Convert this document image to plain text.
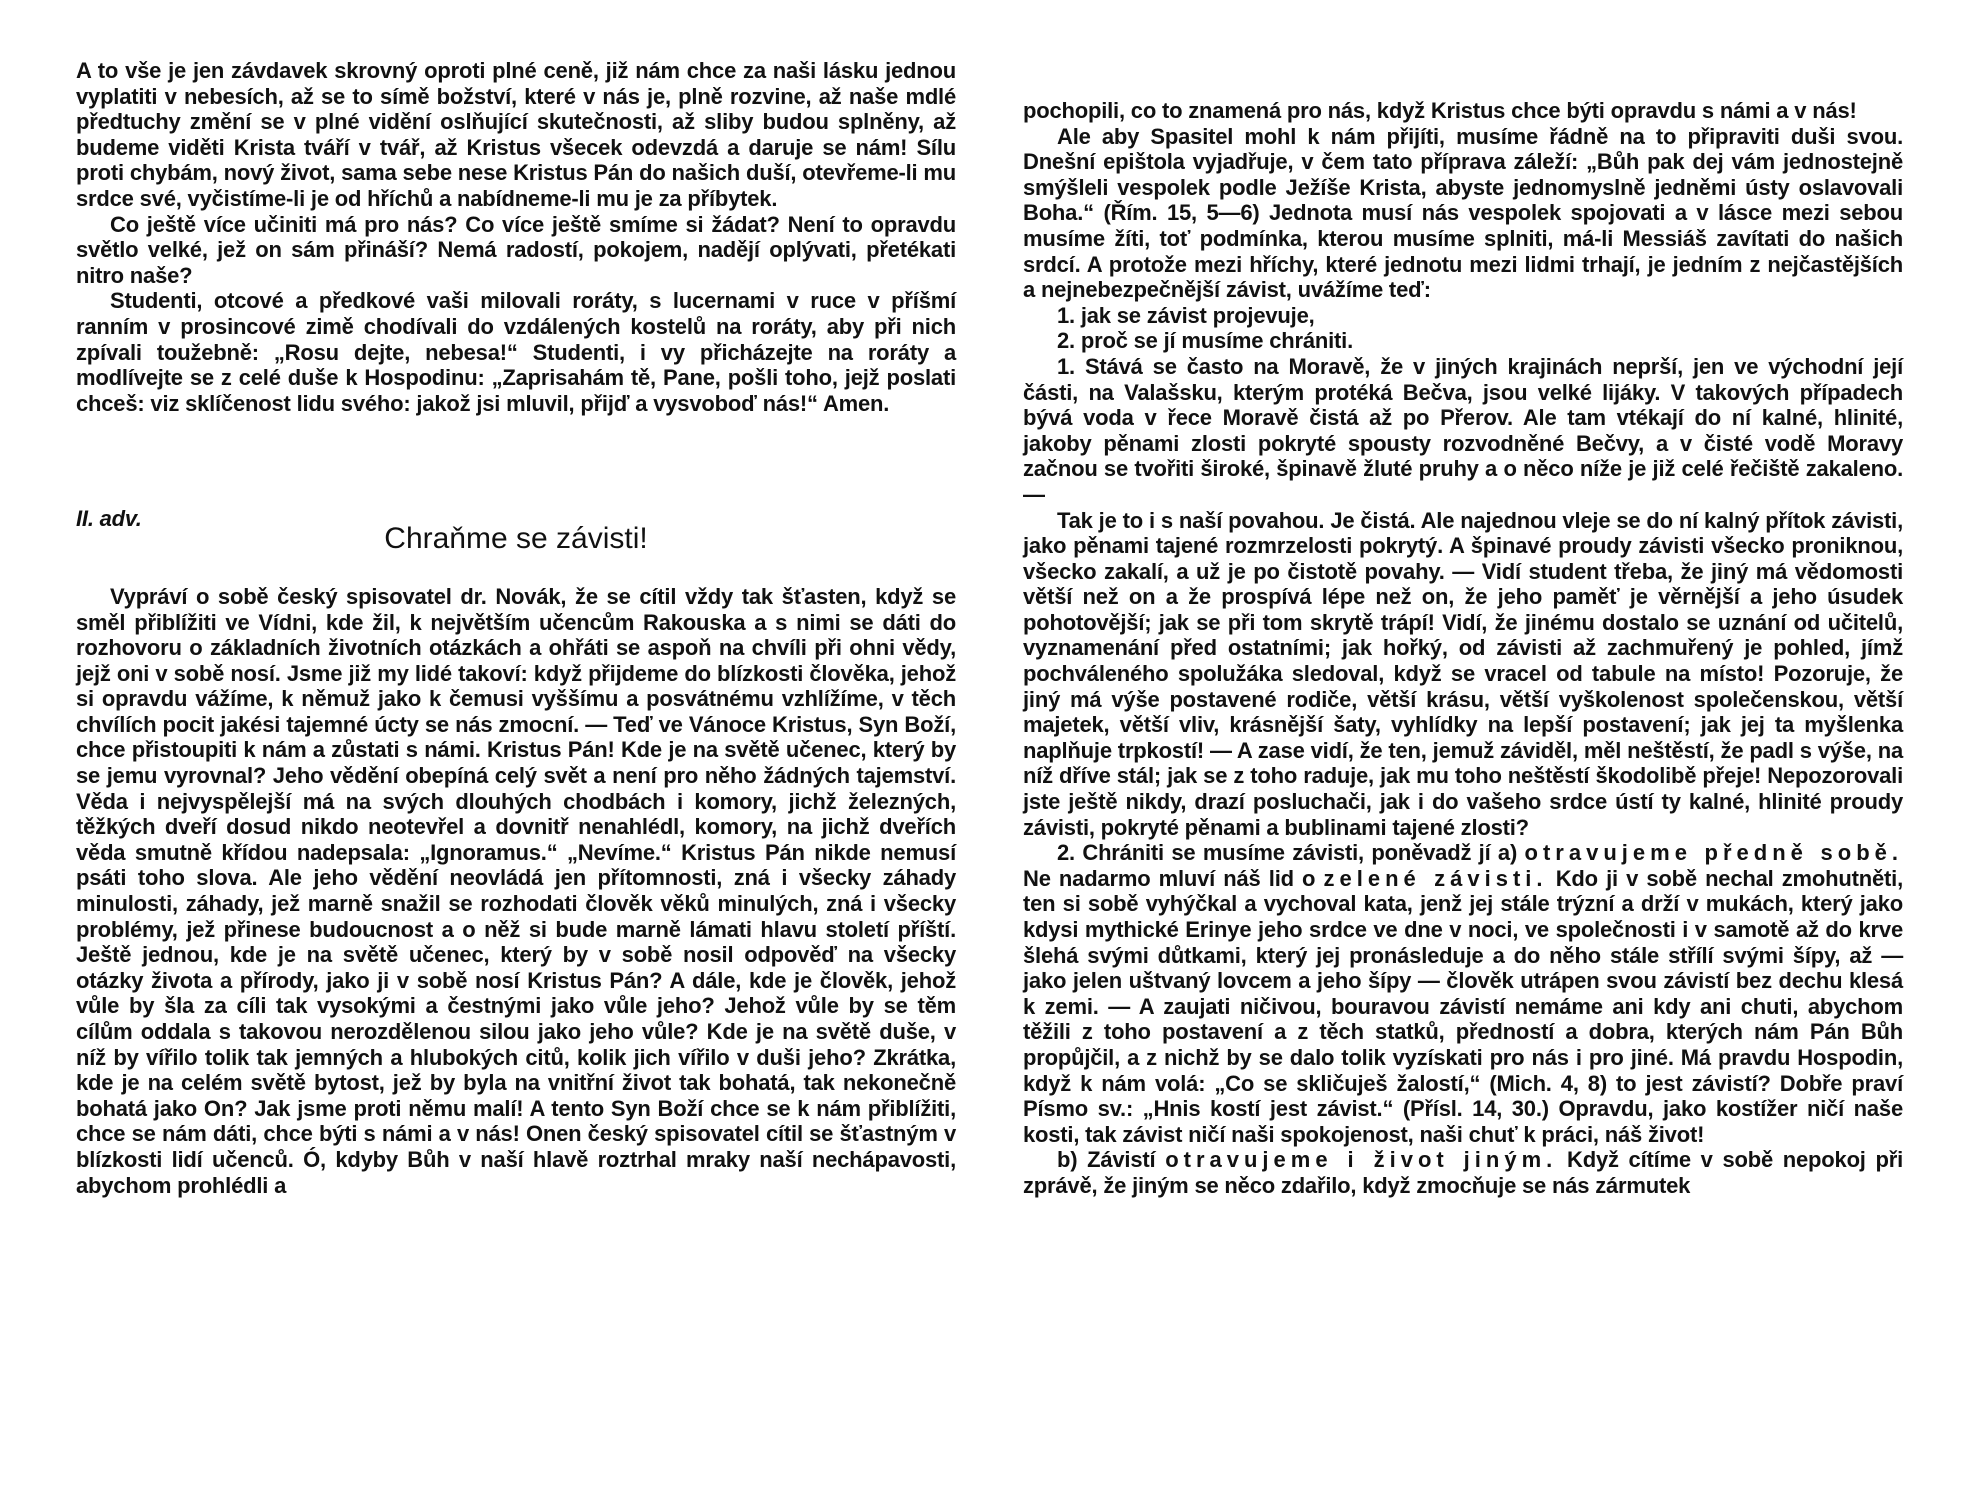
A to vše je jen závdavek skrovný oproti plné ceně, již nám chce za naši lásku jednou vyplatiti v nebesích, až se to símě božství, které v nás je, plně rozvine, až naše mdlé předtuchy změní se v plné vidění oslňující skutečnosti, až sliby budou splněny, až budeme viděti Krista tváří v tvář, až Kristus všecek odevzdá a daruje se nám! Sílu proti chybám, nový život, sama sebe nese Kristus Pán do našich duší, otevřeme-li mu srdce své, vyčistíme-li je od hříchů a nabídneme-li mu je za příbytek.

Co ještě více učiniti má pro nás? Co více ještě smíme si žádat? Není to opravdu světlo velké, jež on sám přináší? Nemá radostí, pokojem, nadějí oplývati, přetékati nitro naše?

Studenti, otcové a předkové vaši milovali roráty, s lucernami v ruce v příšmí ranním v prosincové zimě chodívali do vzdálených kostelů na roráty, aby při nich zpívali toužebně: „Rosu dejte, nebesa!“ Studenti, i vy přicházejte na roráty a modlívejte se z celé duše k Hospodinu: „Zaprisahám tě, Pane, pošli toho, jejž poslati chceš: viz sklíčenost lidu svého: jakož jsi mluvil, přijď a vysvoboď nás!“ Amen.

II. adv.

Chraňme se závisti!

Vypráví o sobě český spisovatel dr. Novák, že se cítil vždy tak šťasten, když se směl přiblížiti ve Vídni, kde žil, k největším učencům Rakouska a s nimi se dáti do rozhovoru o základních životních otázkách a ohřáti se aspoň na chvíli při ohni vědy, jejž oni v sobě nosí. Jsme již my lidé takoví: když přijdeme do blízkosti člověka, jehož si opravdu vážíme, k němuž jako k čemusi vyššímu a posvátnému vzhlížíme, v těch chvílích pocit jakési tajemné úcty se nás zmocní. — Teď ve Vánoce Kristus, Syn Boží, chce přistoupiti k nám a zůstati s námi. Kristus Pán! Kde je na světě učenec, který by se jemu vyrovnal? Jeho vědění obepíná celý svět a není pro něho žádných tajemství. Věda i nejvyspělejší má na svých dlouhých chodbách i komory, jichž železných, těžkých dveří dosud nikdo neotevřel a dovnitř nenahlédl, komory, na jichž dveřích věda smutně křídou nadepsala: „Ignoramus.“ „Nevíme.“ Kristus Pán nikde nemusí psáti toho slova. Ale jeho vědění neovládá jen přítomnosti, zná i všecky záhady minulosti, záhady, jež marně snažil se rozhodati člověk věků minulých, zná i všecky problémy, jež přinese budoucnost a o něž si bude marně lámati hlavu století příští. Ještě jednou, kde je na světě učenec, který by v sobě nosil odpověď na všecky otázky života a přírody, jako ji v sobě nosí Kristus Pán? A dále, kde je člověk, jehož vůle by šla za cíli tak vysokými a čestnými jako vůle jeho? Jehož vůle by se těm cílům oddala s takovou nerozdělenou silou jako jeho vůle? Kde je na světě duše, v níž by vířilo tolik tak jemných a hlubokých citů, kolik jich vířilo v duši jeho? Zkrátka, kde je na celém světě bytost, jež by byla na vnitřní život tak bohatá, tak nekonečně bohatá jako On? Jak jsme proti němu malí! A tento Syn Boží chce se k nám přiblížiti, chce se nám dáti, chce býti s námi a v nás! Onen český spisovatel cítil se šťastným v blízkosti lidí učenců. Ó, kdyby Bůh v naší hlavě roztrhal mraky naší nechápavosti, abychom prohlédli a

pochopili, co to znamená pro nás, když Kristus chce býti opravdu s námi a v nás!

Ale aby Spasitel mohl k nám přijíti, musíme řádně na to připraviti duši svou. Dnešní epištola vyjadřuje, v čem tato příprava záleží: „Bůh pak dej vám jednostejně smýšleli vespolek podle Ježíše Krista, abyste jednomyslně jedněmi ústy oslavovali Boha.“ (Řím. 15, 5—6) Jednota musí nás vespolek spojovati a v lásce mezi sebou musíme žíti, toť podmínka, kterou musíme splniti, má-li Messiáš zavítati do našich srdcí. A protože mezi hříchy, které jednotu mezi lidmi trhají, je jedním z nejčastějších a nejnebezpečnější závist, uvážíme teď:

1. jak se závist projevuje,

2. proč se jí musíme chrániti.

1. Stává se často na Moravě, že v jiných krajinách neprší, jen ve východní její části, na Valašsku, kterým protéká Bečva, jsou velké lijáky. V takových případech bývá voda v řece Moravě čistá až po Přerov. Ale tam vtékají do ní kalné, hlinité, jakoby pěnami zlosti pokryté spousty rozvodněné Bečvy, a v čisté vodě Moravy začnou se tvořiti široké, špinavě žluté pruhy a o něco níže je již celé řečiště zakaleno. —

Tak je to i s naší povahou. Je čistá. Ale najednou vleje se do ní kalný přítok závisti, jako pěnami tajené rozmrzelosti pokrytý. A špinavé proudy závisti všecko proniknou, všecko zakalí, a už je po čistotě povahy. — Vidí student třeba, že jiný má vědomosti větší než on a že prospívá lépe než on, že jeho paměť je věrnější a jeho úsudek pohotovější; jak se při tom skrytě trápí! Vidí, že jinému dostalo se uznání od učitelů, vyznamenání před ostatními; jak hořký, od závisti až zachmuřený je pohled, jímž pochváleného spolužáka sledoval, když se vracel od tabule na místo! Pozoruje, že jiný má výše postavené rodiče, větší krásu, větší vyškolenost společenskou, větší majetek, větší vliv, krásnější šaty, vyhlídky na lepší postavení; jak jej ta myšlenka naplňuje trpkostí! — A zase vidí, že ten, jemuž záviděl, měl neštěstí, že padl s výše, na níž dříve stál; jak se z toho raduje, jak mu toho neštěstí škodolibě přeje! Nepozorovali jste ještě nikdy, drazí posluchači, jak i do vašeho srdce ústí ty kalné, hlinité proudy závisti, pokryté pěnami a bublinami tajené zlosti?

2. Chrániti se musíme závisti, poněvadž jí a) otravujeme předně sobě. Ne nadarmo mluví náš lid o zelené závisti. Kdo ji v sobě nechal zmohutněti, ten si sobě vyhýčkal a vychoval kata, jenž jej stále trýzní a drží v mukách, který jako kdysi mythické Erinye jeho srdce ve dne v noci, ve společnosti i v samotě až do krve šlehá svými důtkami, který jej pronásleduje a do něho stále střílí svými šípy, až — jako jelen uštvaný lovcem a jeho šípy — člověk utrápen svou závistí bez dechu klesá k zemi. — A zaujati ničivou, bouravou závistí nemáme ani kdy ani chuti, abychom těžili z toho postavení a z těch statků, předností a dobra, kterých nám Pán Bůh propůjčil, a z nichž by se dalo tolik vyzískati pro nás i pro jiné. Má pravdu Hospodin, když k nám volá: „Co se skličuješ žalostí,“ (Mich. 4, 8) to jest závistí? Dobře praví Písmo sv.: „Hnis kostí jest závist.“ (Přísl. 14, 30.) Opravdu, jako kostížer ničí naše kosti, tak závist ničí naši spokojenost, naši chuť k práci, náš život!

b) Závistí otravujeme i život jiným. Když cítíme v sobě nepokoj při zprávě, že jiným se něco zdařilo, když zmocňuje se nás zármutek
